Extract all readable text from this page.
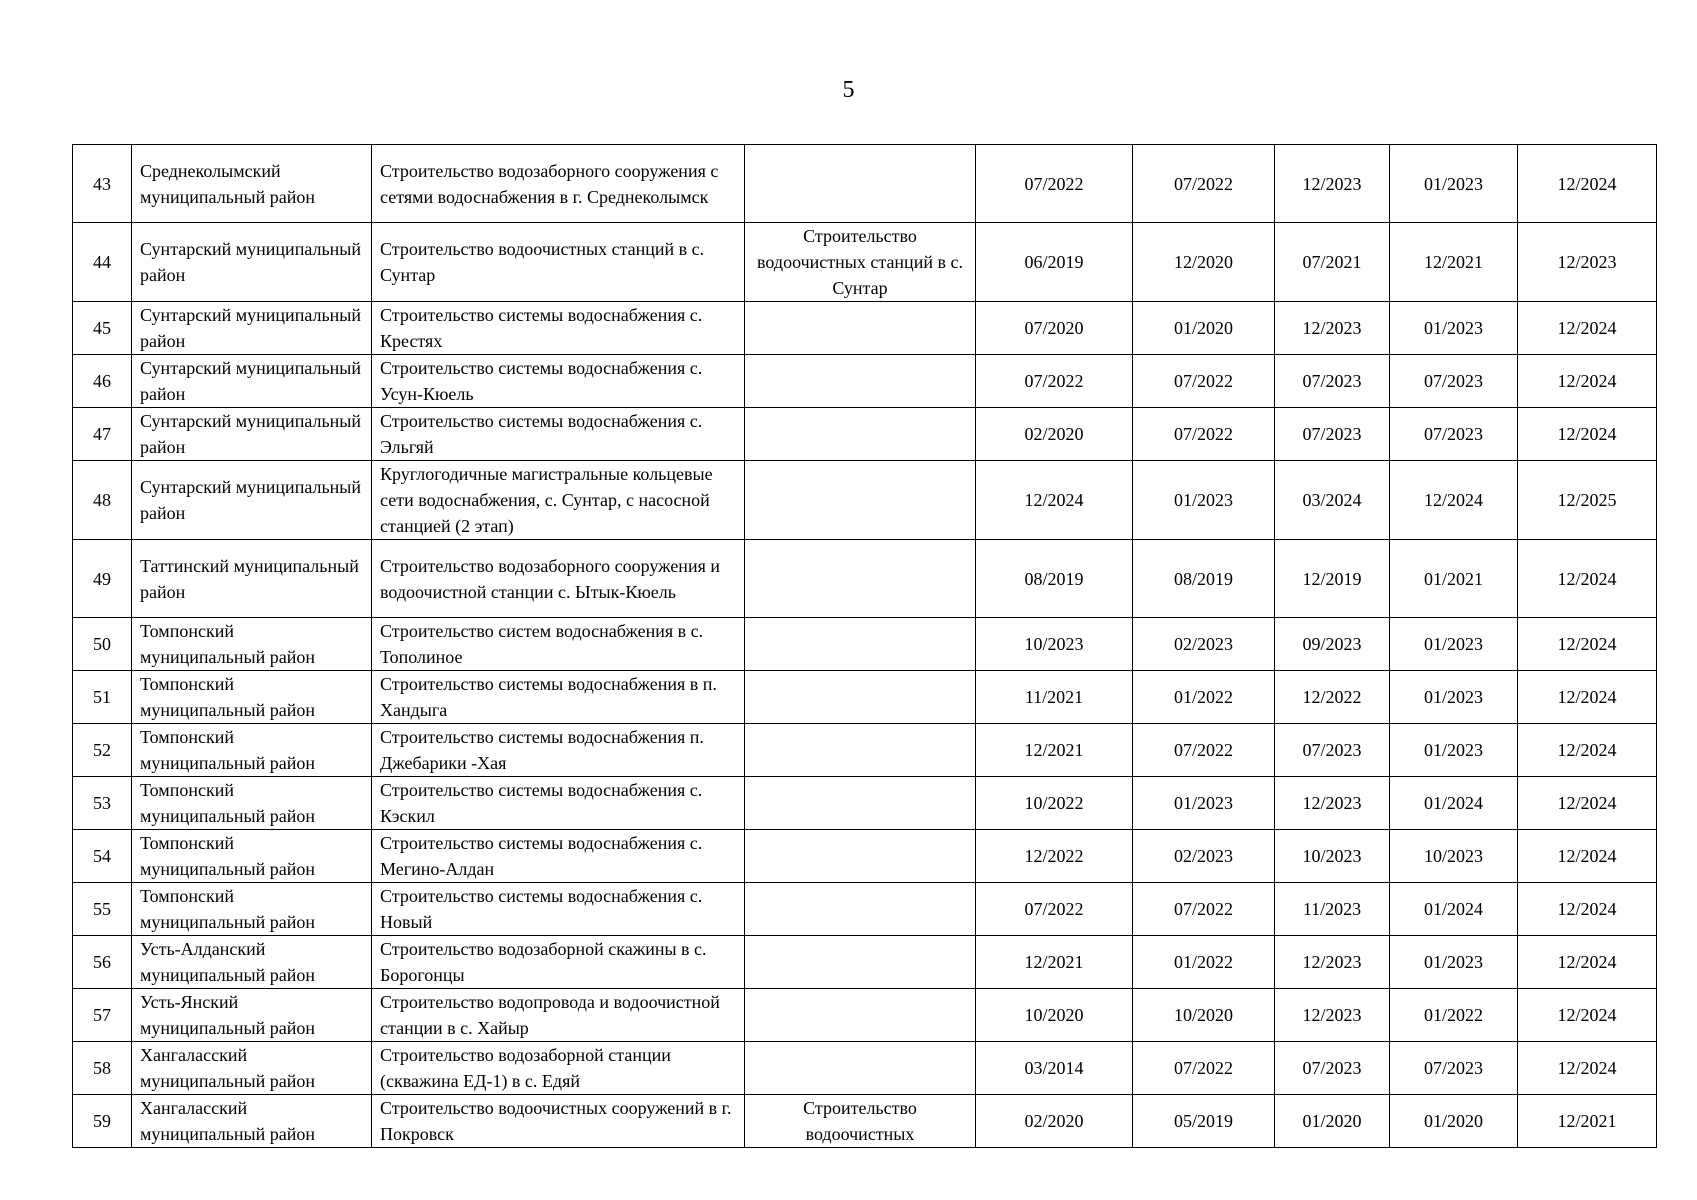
5
43	Среднеколымский муниципальный район	Строительство водозаборного сооружения с сетями водоснабжения в г. Среднеколымск		07/2022	07/2022	12/2023	01/2023	12/2024
44	Сунтарский муниципальный район	Строительство водоочистных станций в с. Сунтар	Строительство водоочистных станций в с. Сунтар	06/2019	12/2020	07/2021	12/2021	12/2023
45	Сунтарский муниципальный район	Строительство системы водоснабжения с. Крестях		07/2020	01/2020	12/2023	01/2023	12/2024
46	Сунтарский муниципальный район	Строительство системы водоснабжения с. Усун-Кюель		07/2022	07/2022	07/2023	07/2023	12/2024
47	Сунтарский муниципальный район	Строительство системы водоснабжения с. Эльгяй		02/2020	07/2022	07/2023	07/2023	12/2024
48	Сунтарский муниципальный район	Круглогодичные магистральные кольцевые сети водоснабжения, с. Сунтар, с насосной станцией (2 этап)		12/2024	01/2023	03/2024	12/2024	12/2025
49	Таттинский муниципальный район	Строительство водозаборного сооружения и водоочистной станции с. Ытык-Кюель		08/2019	08/2019	12/2019	01/2021	12/2024
50	Томпонский муниципальный район	Строительство систем водоснабжения в с. Тополиное		10/2023	02/2023	09/2023	01/2023	12/2024
51	Томпонский муниципальный район	Строительство системы водоснабжения в п. Хандыга		11/2021	01/2022	12/2022	01/2023	12/2024
52	Томпонский муниципальный район	Строительство системы водоснабжения п. Джебарики -Хая		12/2021	07/2022	07/2023	01/2023	12/2024
53	Томпонский муниципальный район	Строительство системы водоснабжения с. Кэскил		10/2022	01/2023	12/2023	01/2024	12/2024
54	Томпонский муниципальный район	Строительство системы водоснабжения с. Мегино-Алдан		12/2022	02/2023	10/2023	10/2023	12/2024
55	Томпонский муниципальный район	Строительство системы водоснабжения с. Новый		07/2022	07/2022	11/2023	01/2024	12/2024
56	Усть-Алданский муниципальный район	Строительство водозаборной скажины в с. Борогонцы		12/2021	01/2022	12/2023	01/2023	12/2024
57	Усть-Янский муниципальный район	Строительство водопровода и водоочистной станции в с. Хайыр		10/2020	10/2020	12/2023	01/2022	12/2024
58	Хангаласский муниципальный район	Строительство водозаборной станции (скважина ЕД-1) в с. Едяй		03/2014	07/2022	07/2023	07/2023	12/2024
59	Хангаласский муниципальный район	Строительство водоочистных сооружений в г. Покровск	Строительство водоочистных	02/2020	05/2019	01/2020	01/2020	12/2021
